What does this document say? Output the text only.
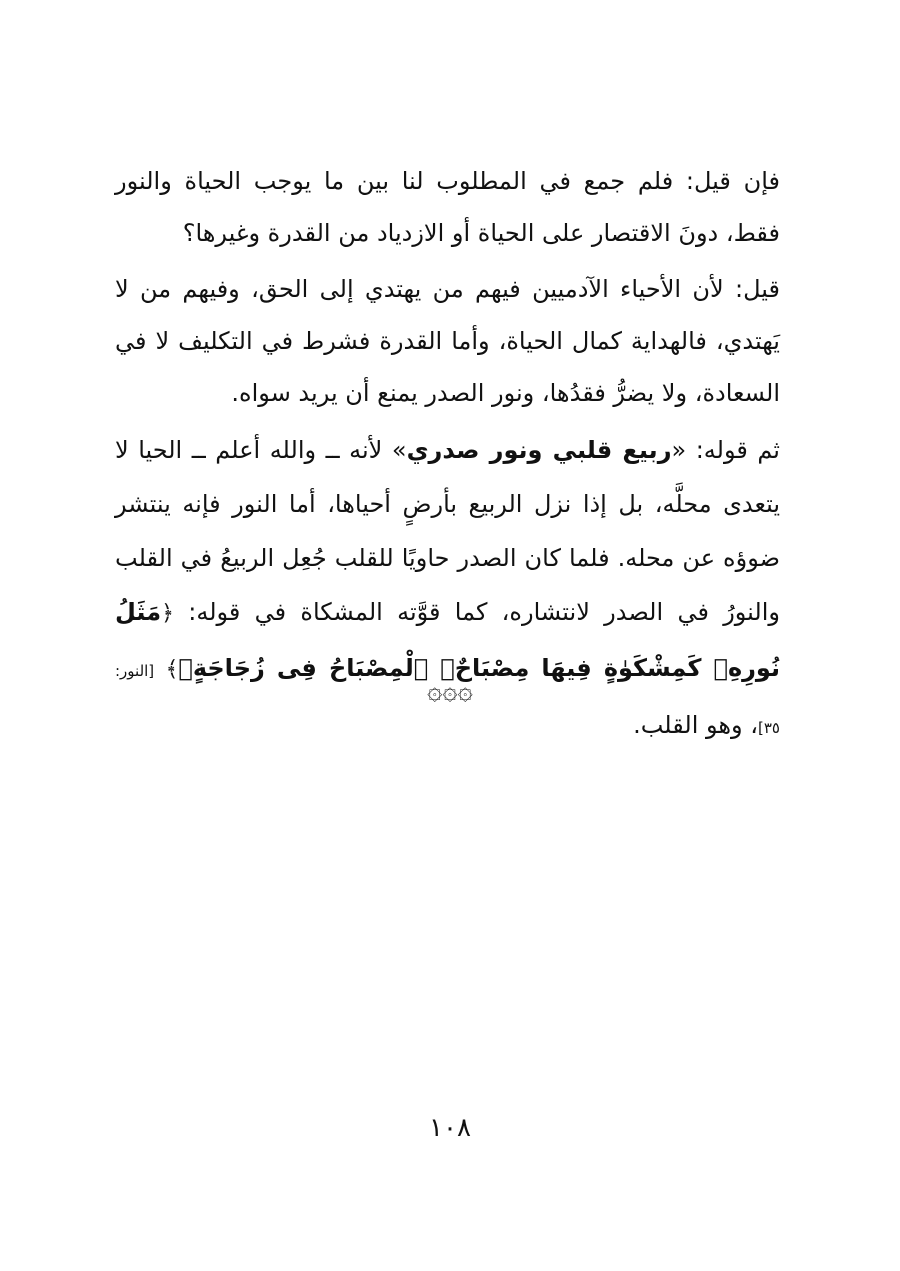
فإن قيل: فلم جمع في المطلوب لنا بين ما يوجب الحياة والنور فقط، دونَ الاقتصار على الحياة أو الازدياد من القدرة وغيرها؟

قيل: لأن الأحياء الآدميين فيهم من يهتدي إلى الحق، وفيهم من لا يَهتدي، فالهداية كمال الحياة، وأما القدرة فشرط في التكليف لا في السعادة، ولا يضرُّ فقدُها، ونور الصدر يمنع أن يريد سواه.

ثم قوله: «ربيع قلبي ونور صدري» لأنه ــ والله أعلم ــ الحيا لا يتعدى محلَّه، بل إذا نزل الربيع بأرضٍ أحياها، أما النور فإنه ينتشر ضوؤه عن محله. فلما كان الصدر حاويًا للقلب جُعِل الربيعُ في القلب والنورُ في الصدر لانتشاره، كما قوَّته المشكاة في قوله: ﴿مَثَلُ نُورِهِۦ كَمِشْكَوٰةٍ فِيهَا مِصْبَاحٌۖ ٱلْمِصْبَاحُ فِى زُجَاجَةٍۖ﴾ [النور: ٣٥]، وهو القلب.

۞۞۞
١٠٨
